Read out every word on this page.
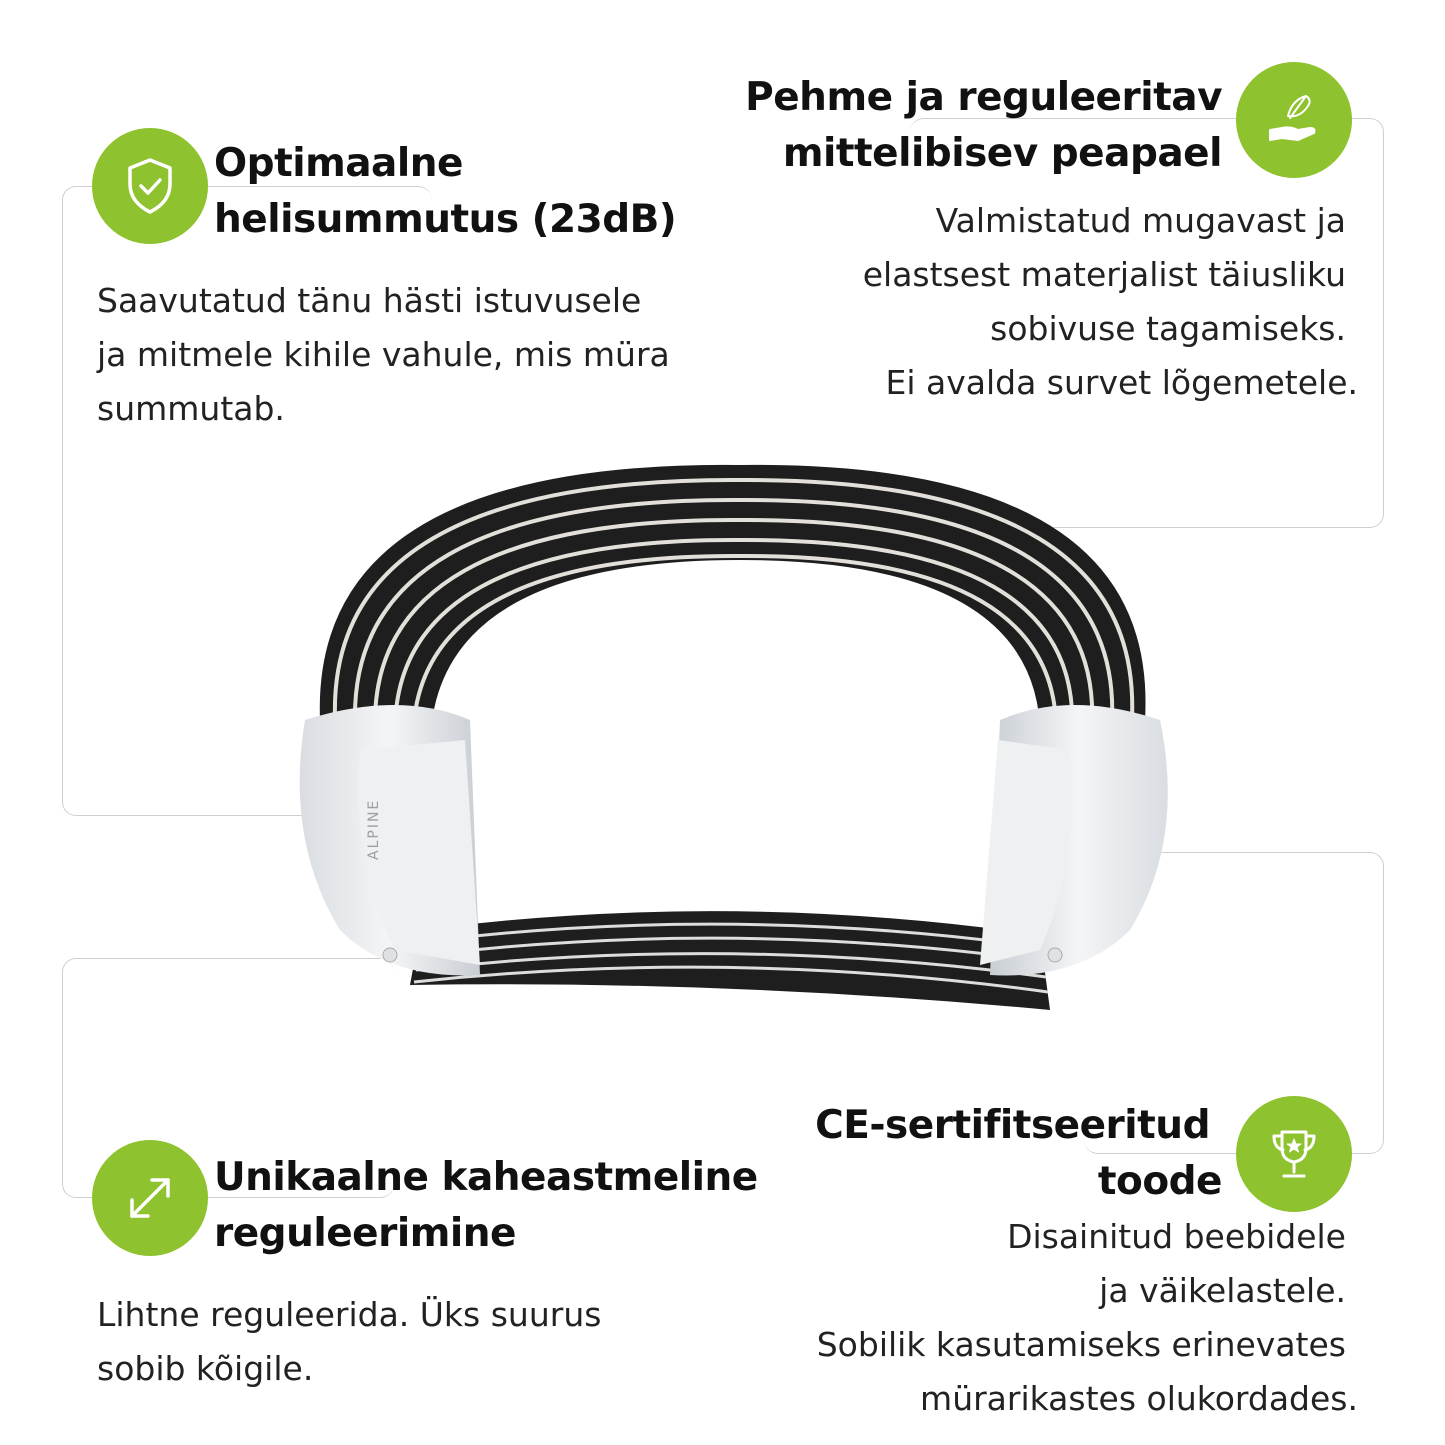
ALPINE
Optimaalne
helisummutus (23dB)
Saavutatud tänu hästi istuvusele
ja mitmele kihile vahule, mis müra
summutab.
Pehme ja reguleeritav
mittelibisev peapael
Valmistatud mugavast ja
elastsest materjalist täiusliku
sobivuse tagamiseks.
Ei avalda survet lõgemetele.
Unikaalne kaheastmeline
reguleerimine
Lihtne reguleerida. Üks suurus
sobib kõigile.
CE-sertifitseeritud
toode
Disainitud beebidele
ja väikelastele.
Sobilik kasutamiseks erinevates
mürarikastes olukordades.
